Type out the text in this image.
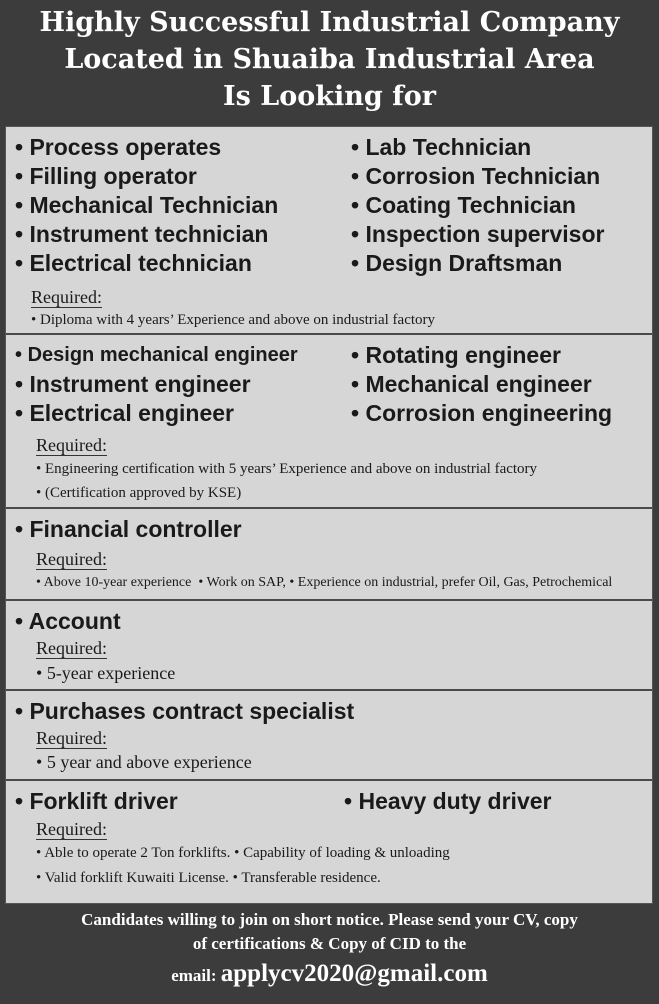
Highly Successful Industrial Company
Located in Shuaiba Industrial Area
Is Looking for
• Process operates
• Filling operator
• Mechanical Technician
• Instrument technician
• Electrical technician
• Lab Technician
• Corrosion Technician
• Coating Technician
• Inspection supervisor
• Design Draftsman
Required:
• Diploma with 4 years’ Experience and above on industrial factory
• Design mechanical engineer
• Instrument engineer
• Electrical engineer
• Rotating engineer
• Mechanical engineer
• Corrosion engineering
Required:
• Engineering certification with 5 years’ Experience and above on industrial factory
• (Certification approved by KSE)
• Financial controller
Required:
• Above 10-year experience  • Work on SAP, • Experience on industrial, prefer Oil, Gas, Petrochemical
• Account
Required:
• 5-year experience
• Purchases contract specialist
Required:
• 5 year and above experience
• Forklift driver	• Heavy duty driver
Required:
• Able to operate 2 Ton forklifts. • Capability of loading & unloading
• Valid forklift Kuwaiti License. • Transferable residence.
Candidates willing to join on short notice. Please send your CV, copy
of certifications & Copy of CID to the
email: applycv2020@gmail.com
